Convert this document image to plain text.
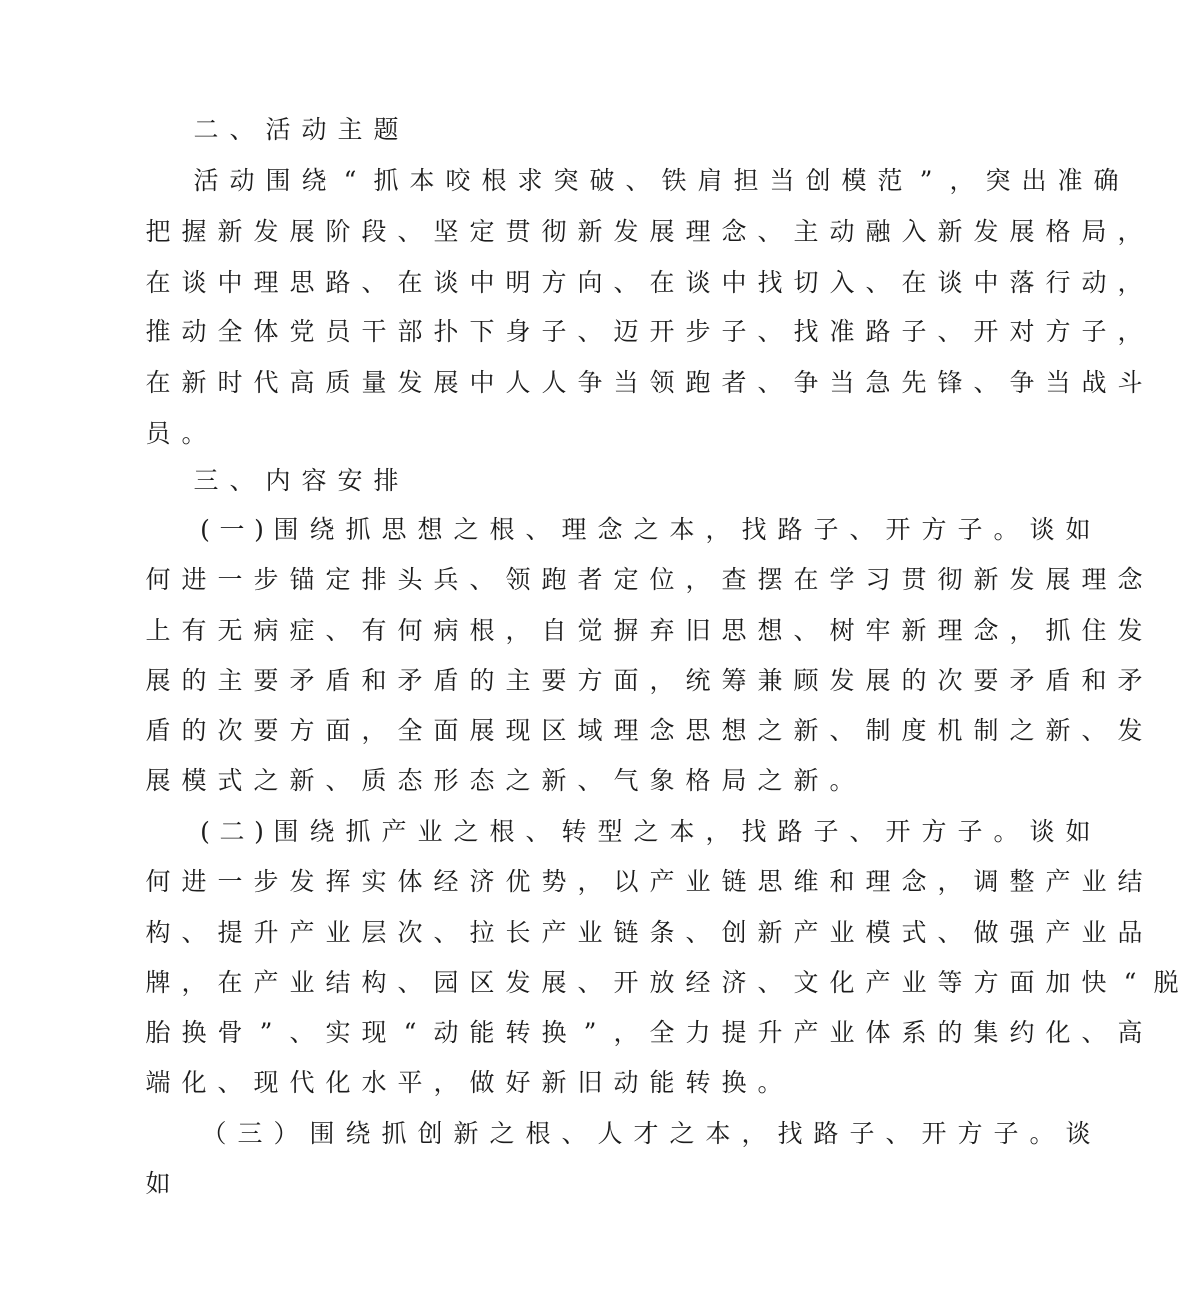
二 、 活 动 主 题
活 动 围 绕 “ 抓 本 咬 根 求 突 破 、 铁 肩 担 当 创 模 范 ” ， 突 出 准 确
把 握 新 发 展 阶 段 、 坚 定 贯 彻 新 发 展 理 念 、 主 动 融 入 新 发 展 格 局 ，
在 谈 中 理 思 路 、 在 谈 中 明 方 向 、 在 谈 中 找 切 入 、 在 谈 中 落 行 动 ，
推 动 全 体 党 员 干 部 扑 下 身 子 、 迈 开 步 子 、 找 准 路 子 、 开 对 方 子 ，
在 新 时 代 高 质 量 发 展 中 人 人 争 当 领 跑 者 、 争 当 急 先 锋 、 争 当 战 斗
员 。
三 、 内 容 安 排
( 一 ) 围 绕 抓 思 想 之 根 、 理 念 之 本 ， 找 路 子 、 开 方 子 。 谈 如
何 进 一 步 锚 定 排 头 兵 、 领 跑 者 定 位 ， 查 摆 在 学 习 贯 彻 新 发 展 理 念
上 有 无 病 症 、 有 何 病 根 ， 自 觉 摒 弃 旧 思 想 、 树 牢 新 理 念 ， 抓 住 发
展 的 主 要 矛 盾 和 矛 盾 的 主 要 方 面 ， 统 筹 兼 顾 发 展 的 次 要 矛 盾 和 矛
盾 的 次 要 方 面 ， 全 面 展 现 区 域 理 念 思 想 之 新 、 制 度 机 制 之 新 、 发
展 模 式 之 新 、 质 态 形 态 之 新 、 气 象 格 局 之 新 。
( 二 ) 围 绕 抓 产 业 之 根 、 转 型 之 本 ， 找 路 子 、 开 方 子 。 谈 如
何 进 一 步 发 挥 实 体 经 济 优 势 ， 以 产 业 链 思 维 和 理 念 ， 调 整 产 业 结
构 、 提 升 产 业 层 次 、 拉 长 产 业 链 条 、 创 新 产 业 模 式 、 做 强 产 业 品
牌 ， 在 产 业 结 构 、 园 区 发 展 、 开 放 经 济 、 文 化 产 业 等 方 面 加 快 “ 脱
胎 换 骨 ” 、 实 现 “ 动 能 转 换 ” ， 全 力 提 升 产 业 体 系 的 集 约 化 、 高
端 化 、 现 代 化 水 平 ， 做 好 新 旧 动 能 转 换 。
（ 三 ） 围 绕 抓 创 新 之 根 、 人 才 之 本 ， 找 路 子 、 开 方 子 。 谈
如
